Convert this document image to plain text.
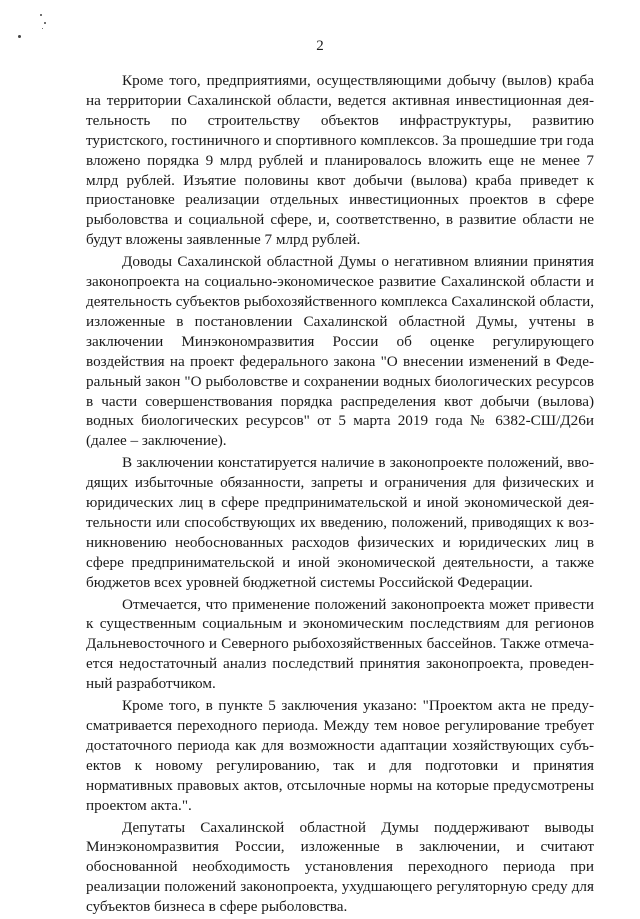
2

Кроме того, предприятиями, осуществляющими добычу (вылов) краба на территории Сахалинской области, ведется активная инвестиционная деятельность по строительству объектов инфраструктуры, развитию туристского, гостиничного и спортивного комплексов. За прошедшие три года вложено порядка 9 млрд рублей и планировалось вложить еще не менее 7 млрд рублей. Изъятие половины квот добычи (вылова) краба приведет к приостановке реализации отдельных инвестиционных проектов в сфере рыболовства и социальной сфере, и, соответственно, в развитие области не будут вложены заявленные 7 млрд рублей.

Доводы Сахалинской областной Думы о негативном влиянии принятия законопроекта на социально-экономическое развитие Сахалинской области и деятельность субъектов рыбохозяйственного комплекса Сахалинской области, изложенные в постановлении Сахалинской областной Думы, учтены в заключении Минэкономразвития России об оценке регулирующего воздействия на проект федерального закона "О внесении изменений в Федеральный закон "О рыболовстве и сохранении водных биологических ресурсов в части совершенствования порядка распределения квот добычи (вылова) водных биологических ресурсов" от 5 марта 2019 года № 6382-СШ/Д26и (далее – заключение).

В заключении констатируется наличие в законопроекте положений, вводящих избыточные обязанности, запреты и ограничения для физических и юридических лиц в сфере предпринимательской и иной экономической деятельности или способствующих их введению, положений, приводящих к возникновению необоснованных расходов физических и юридических лиц в сфере предпринимательской и иной экономической деятельности, а также бюджетов всех уровней бюджетной системы Российской Федерации.

Отмечается, что применение положений законопроекта может привести к существенным социальным и экономическим последствиям для регионов Дальневосточного и Северного рыбохозяйственных бассейнов. Также отмечается недостаточный анализ последствий принятия законопроекта, проведенный разработчиком.

Кроме того, в пункте 5 заключения указано: "Проектом акта не предусматривается переходного периода. Между тем новое регулирование требует достаточного периода как для возможности адаптации хозяйствующих субъектов к новому регулированию, так и для подготовки и принятия нормативных правовых актов, отсылочные нормы на которые предусмотрены проектом акта.".

Депутаты Сахалинской областной Думы поддерживают выводы Минэкономразвития России, изложенные в заключении, и считают обоснованной необходимость установления переходного периода при реализации положений законопроекта, ухудшающего регуляторную среду для субъектов бизнеса в сфере рыболовства.
